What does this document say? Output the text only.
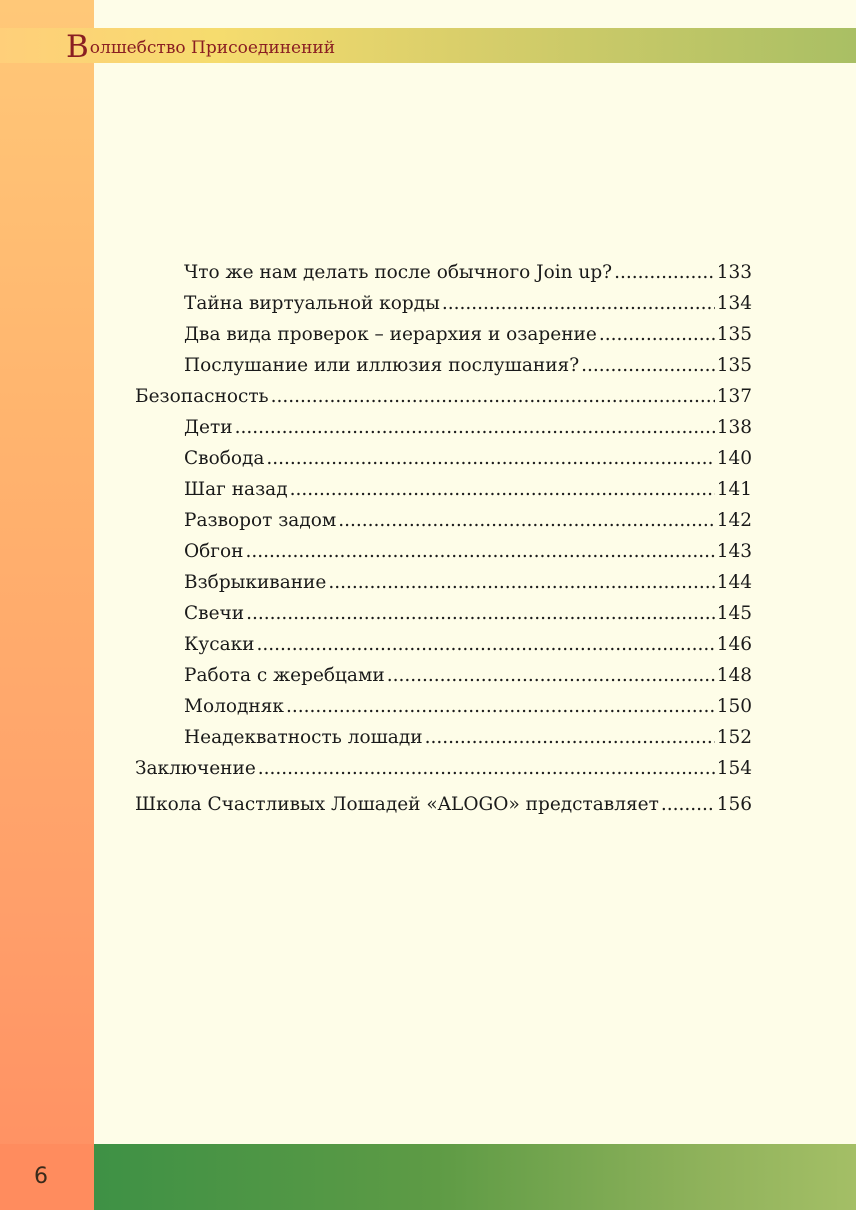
Волшебство Присоединений
Что же нам делать после обычного Join up? .....	133
Тайна виртуальной корды .....	134
Два вида проверок – иерархия и озарение .....	135
Послушание или иллюзия послушания? .....	135
Безопасность .....	137
Дети .....	138
Свобода .....	140
Шаг назад .....	141
Разворот задом .....	142
Обгон .....	143
Взбрыкивание .....	144
Свечи .....	145
Кусаки .....	146
Работа с жеребцами .....	148
Молодняк .....	150
Неадекватность лошади .....	152
Заключение .....	154
Школа Счастливых Лошадей «ALOGO» представляет .....	156
6
